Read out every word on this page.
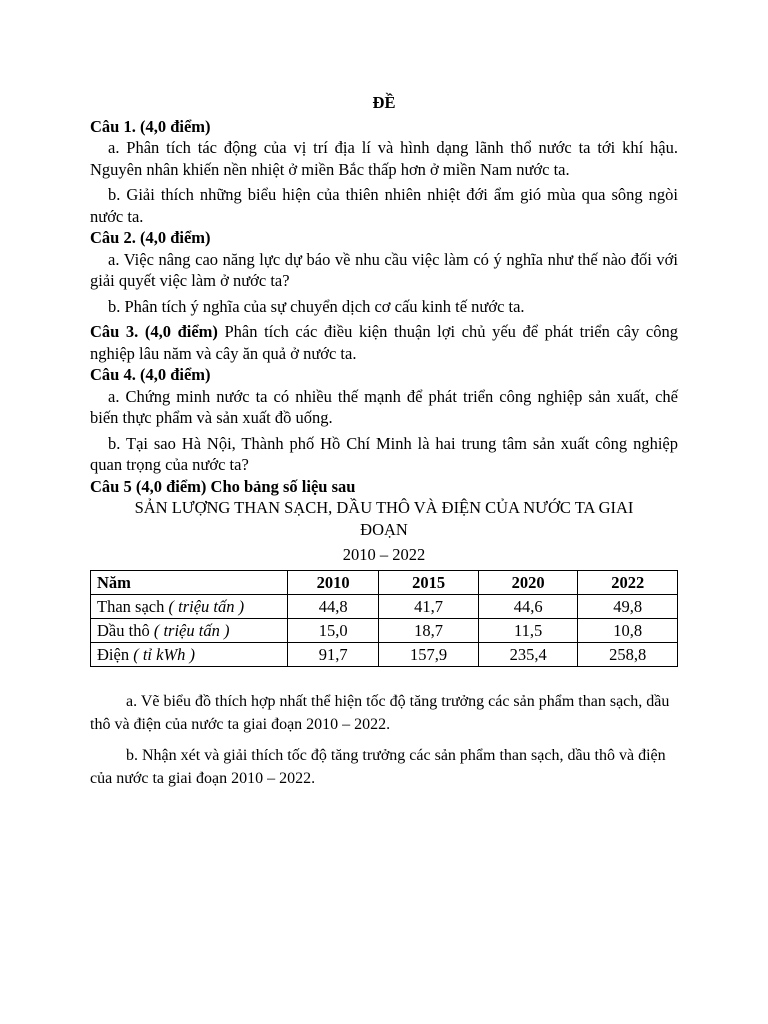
ĐỀ
Câu 1. (4,0 điểm)

a. Phân tích tác động của vị trí địa lí và hình dạng lãnh thổ nước ta tới khí hậu. Nguyên nhân khiến nền nhiệt ở miền Bắc thấp hơn ở miền Nam nước ta.

b. Giải thích những biểu hiện của thiên nhiên nhiệt đới ẩm gió mùa qua sông ngòi nước ta.

Câu 2. (4,0 điểm)

a. Việc nâng cao năng lực dự báo về nhu cầu việc làm có ý nghĩa như thế nào đối với giải quyết việc làm ở nước ta?

b. Phân tích ý nghĩa của sự chuyển dịch cơ cấu kinh tế nước ta.

Câu 3. (4,0 điểm) Phân tích các điều kiện thuận lợi chủ yếu để phát triển cây công nghiệp lâu năm và cây ăn quả ở nước ta.

Câu 4. (4,0 điểm)

a. Chứng minh nước ta có nhiều thế mạnh để phát triển công nghiệp sản xuất, chế biến thực phẩm và sản xuất đồ uống.

b. Tại sao Hà Nội, Thành phố Hồ Chí Minh là hai trung tâm sản xuất công nghiệp quan trọng của nước ta?

Câu 5 (4,0 điểm) Cho bảng số liệu sau
SẢN LƯỢNG THAN SẠCH, DẦU THÔ VÀ ĐIỆN CỦA NƯỚC TA GIAI ĐOẠN
2010 – 2022
Năm	2010	2015	2020	2022
Than sạch ( triệu tấn )	44,8	41,7	44,6	49,8
Dầu thô ( triệu tấn )	15,0	18,7	11,5	10,8
Điện ( tỉ kWh )	91,7	157,9	235,4	258,8

a. Vẽ biểu đồ thích hợp nhất thể hiện tốc độ tăng trưởng các sản phẩm than sạch, dầu thô và điện của nước ta giai đoạn 2010 – 2022.

b. Nhận xét và giải thích tốc độ tăng trưởng các sản phẩm than sạch, dầu thô và điện của nước ta giai đoạn 2010 – 2022.
